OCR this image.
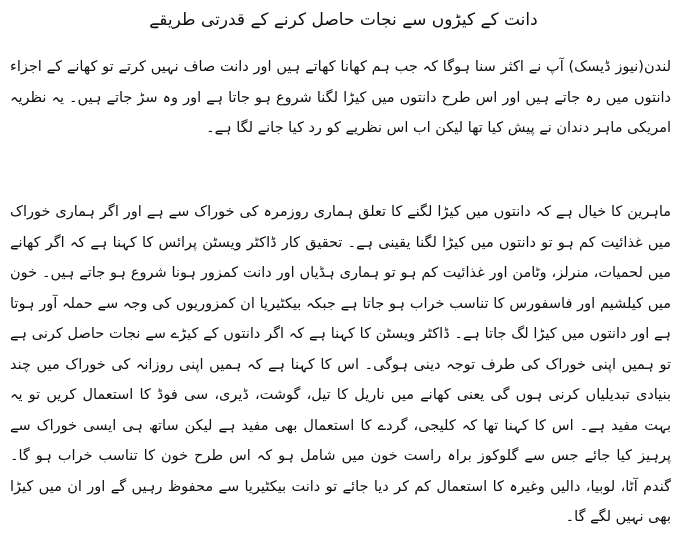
دانت کے کیڑوں سے نجات حاصل کرنے کے قدرتی طریقے

لندن(نیوز ڈیسک) آپ نے اکثر سنا ہوگا کہ جب ہم کھانا کھاتے ہیں اور دانت صاف نہیں کرتے تو کھانے کے اجزاء دانتوں میں رہ جاتے ہیں اور اس طرح دانتوں میں کیڑا لگنا شروع ہو جاتا ہے اور وہ سڑ جاتے ہیں۔ یہ نظریہ امریکی ماہر دندان نے پیش کیا تھا لیکن اب اس نظریے کو رد کیا جانے لگا ہے۔

ماہرین کا خیال ہے کہ دانتوں میں کیڑا لگنے کا تعلق ہماری روزمرہ کی خوراک سے ہے اور اگر ہماری خوراک میں غذائیت کم ہو تو دانتوں میں کیڑا لگنا یقینی ہے۔ تحقیق کار ڈاکٹر ویسٹن پرائس کا کہنا ہے کہ اگر کھانے میں لحمیات، منرلز، وٹامن اور غذائیت کم ہو تو ہماری ہڈیاں اور دانت کمزور ہونا شروع ہو جاتے ہیں۔ خون میں کیلشیم اور فاسفورس کا تناسب خراب ہو جاتا ہے جبکہ بیکٹیریا ان کمزوریوں کی وجہ سے حملہ آور ہوتا ہے اور دانتوں میں کیڑا لگ جاتا ہے۔ ڈاکٹر ویسٹن کا کہنا ہے کہ اگر دانتوں کے کیڑے سے نجات حاصل کرنی ہے تو ہمیں اپنی خوراک کی طرف توجہ دینی ہوگی۔ اس کا کہنا ہے کہ ہمیں اپنی روزانہ کی خوراک میں چند بنیادی تبدیلیاں کرنی ہوں گی یعنی کھانے میں ناریل کا تیل، گوشت، ڈیری، سی فوڈ کا استعمال کریں تو یہ بہت مفید ہے۔ اس کا کہنا تھا کہ کلیجی، گردے کا استعمال بھی مفید ہے لیکن ساتھ ہی ایسی خوراک سے پرہیز کیا جائے جس سے گلوکوز براہ راست خون میں شامل ہو کہ اس طرح خون کا تناسب خراب ہو گا۔ گندم آٹا، لوبیا، دالیں وغیرہ کا استعمال کم کر دیا جائے تو دانت بیکٹیریا سے محفوظ رہیں گے اور ان میں کیڑا بھی نہیں لگے گا۔
